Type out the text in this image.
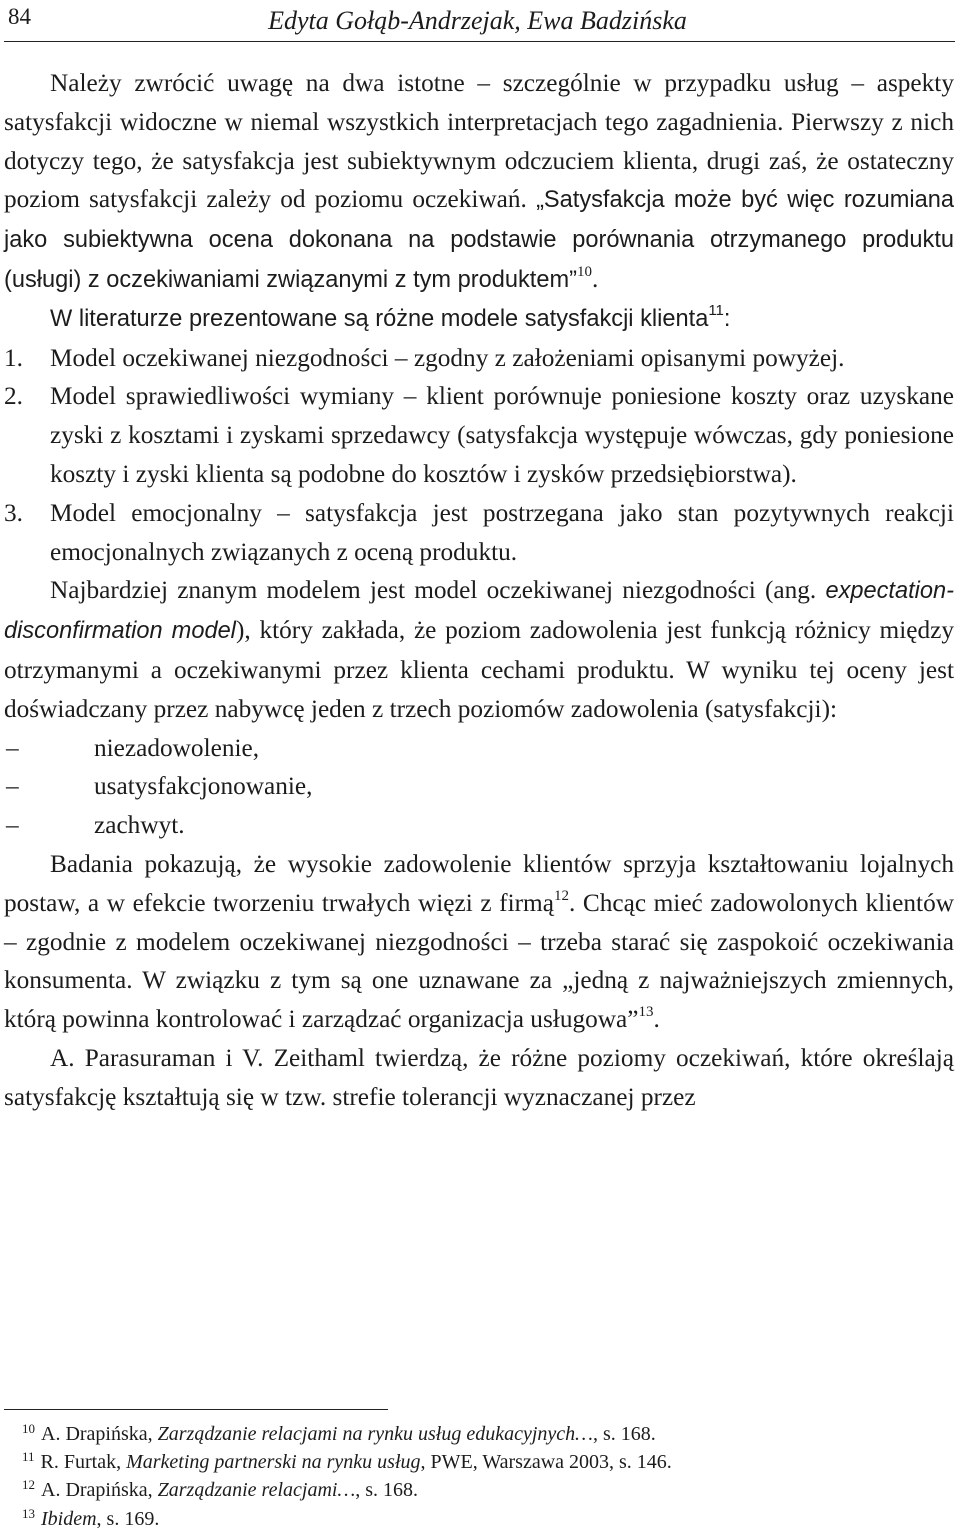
84	Edyta Gołąb-Andrzejak, Ewa Badzińska

Należy zwrócić uwagę na dwa istotne – szczególnie w przypadku usług – aspekty satysfakcji widoczne w niemal wszystkich interpretacjach tego zagadnienia. Pierwszy z nich dotyczy tego, że satysfakcja jest subiektywnym odczuciem klienta, drugi zaś, że ostateczny poziom satysfakcji zależy od poziomu oczekiwań. „Satysfakcja może być więc rozumiana jako subiektywna ocena dokonana na podstawie porównania otrzymanego produktu (usługi) z oczekiwaniami związanymi z tym produktem”$^{10}$.

W literaturze prezentowane są różne modele satysfakcji klienta$^{11}$:

1.	Model oczekiwanej niezgodności – zgodny z założeniami opisanymi powyżej.
2.	Model sprawiedliwości wymiany – klient porównuje poniesione koszty oraz uzyskane zyski z kosztami i zyskami sprzedawcy (satysfakcja występuje wówczas, gdy poniesione koszty i zyski klienta są podobne do kosztów i zysków przedsiębiorstwa).
3.	Model emocjonalny – satysfakcja jest postrzegana jako stan pozytywnych reakcji emocjonalnych związanych z oceną produktu.

Najbardziej znanym modelem jest model oczekiwanej niezgodności (ang. expectation-disconfirmation model), który zakłada, że poziom zadowolenia jest funkcją różnicy między otrzymanymi a oczekiwanymi przez klienta cechami produktu. W wyniku tej oceny jest doświadczany przez nabywcę jeden z trzech poziomów zadowolenia (satysfakcji):

–	niezadowolenie,
–	usatysfakcjonowanie,
–	zachwyt.

Badania pokazują, że wysokie zadowolenie klientów sprzyja kształtowaniu lojalnych postaw, a w efekcie tworzeniu trwałych więzi z firmą$^{12}$. Chcąc mieć zadowolonych klientów – zgodnie z modelem oczekiwanej niezgodności – trzeba starać się zaspokoić oczekiwania konsumenta. W związku z tym są one uznawane za „jedną z najważniejszych zmiennych, którą powinna kontrolować i zarządzać organizacja usługowa”$^{13}$.

A. Parasuraman i V. Zeithaml twierdzą, że różne poziomy oczekiwań, które określają satysfakcję kształtują się w tzw. strefie tolerancji wyznaczanej przez

$^{10}$ A. Drapińska, Zarządzanie relacjami na rynku usług edukacyjnych…, s. 168.

$^{11}$ R. Furtak, Marketing partnerski na rynku usług, PWE, Warszawa 2003, s. 146.

$^{12}$ A. Drapińska, Zarządzanie relacjami…, s. 168.

$^{13}$ Ibidem, s. 169.
